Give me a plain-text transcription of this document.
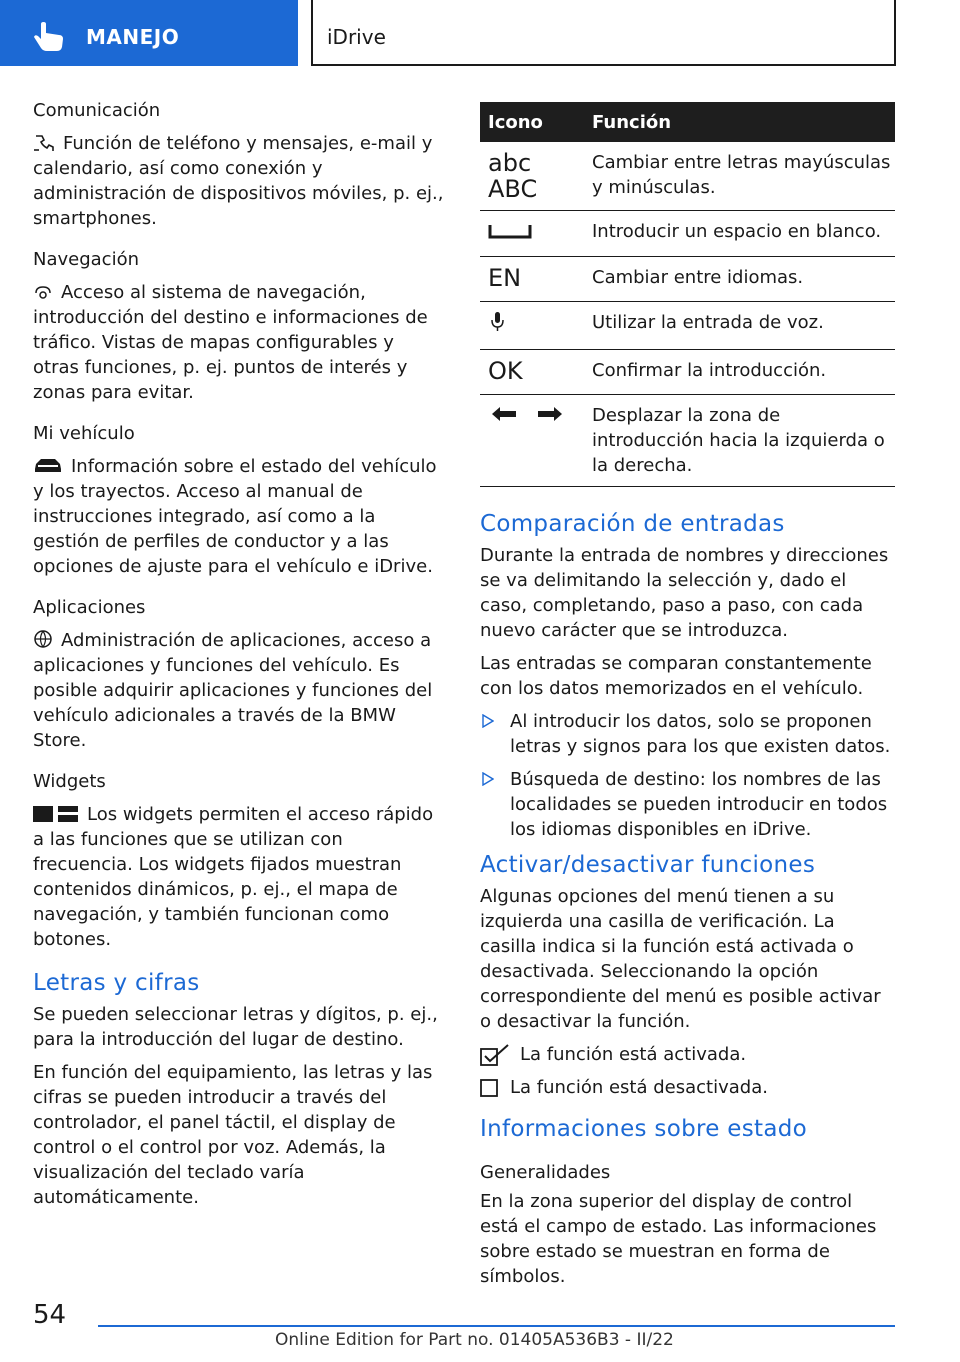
MANEJO	iDrive
Comunicación

Función de teléfono y mensajes, e-mail y calendario, así como conexión y administración de dispositivos móviles, p. ej., smartphones.

Navegación

Acceso al sistema de navegación, introducción del destino e informaciones de tráfico. Vistas de mapas configurables y otras funciones, p. ej. puntos de interés y zonas para evitar.

Mi vehículo

Información sobre el estado del vehículo y los trayectos. Acceso al manual de instrucciones integrado, así como a la gestión de perfiles de conductor y a las opciones de ajuste para el vehículo e iDrive.

Aplicaciones

Administración de aplicaciones, acceso a aplicaciones y funciones del vehículo. Es posible adquirir aplicaciones y funciones del vehículo adicionales a través de la BMW Store.

Widgets

Los widgets permiten el acceso rápido a las funciones que se utilizan con frecuencia. Los widgets fijados muestran contenidos dinámicos, p. ej., el mapa de navegación, y también funcionan como botones.

Letras y cifras

Se pueden seleccionar letras y dígitos, p. ej., para la introducción del lugar de destino.

En función del equipamiento, las letras y las cifras se pueden introducir a través del controlador, el panel táctil, el display de control o el control por voz. Además, la visualización del teclado varía automáticamente.

Icono	Función

abc
ABC	Cambiar entre letras mayúsculas y minúsculas.
	Introducir un espacio en blanco.
EN	Cambiar entre idiomas.
	Utilizar la entrada de voz.
OK	Confirmar la introducción.
	Desplazar la zona de introducción hacia la izquierda o la derecha.
Comparación de entradas

Durante la entrada de nombres y direcciones se va delimitando la selección y, dado el caso, completando, paso a paso, con cada nuevo carácter que se introduzca.

Las entradas se comparan constantemente con los datos memorizados en el vehículo.

Al introducir los datos, solo se proponen letras y signos para los que existen datos.
Búsqueda de destino: los nombres de las localidades se pueden introducir en todos los idiomas disponibles en iDrive.
Activar/desactivar funciones

Algunas opciones del menú tienen a su izquierda una casilla de verificación. La casilla indica si la función está activada o desactivada. Seleccionando la opción correspondiente del menú es posible activar o desactivar la función.

La función está activada.
La función está desactivada.
Informaciones sobre estado
Generalidades

En la zona superior del display de control está el campo de estado. Las informaciones sobre estado se muestran en forma de símbolos.

54
Online Edition for Part no. 01405A536B3 - II/22
